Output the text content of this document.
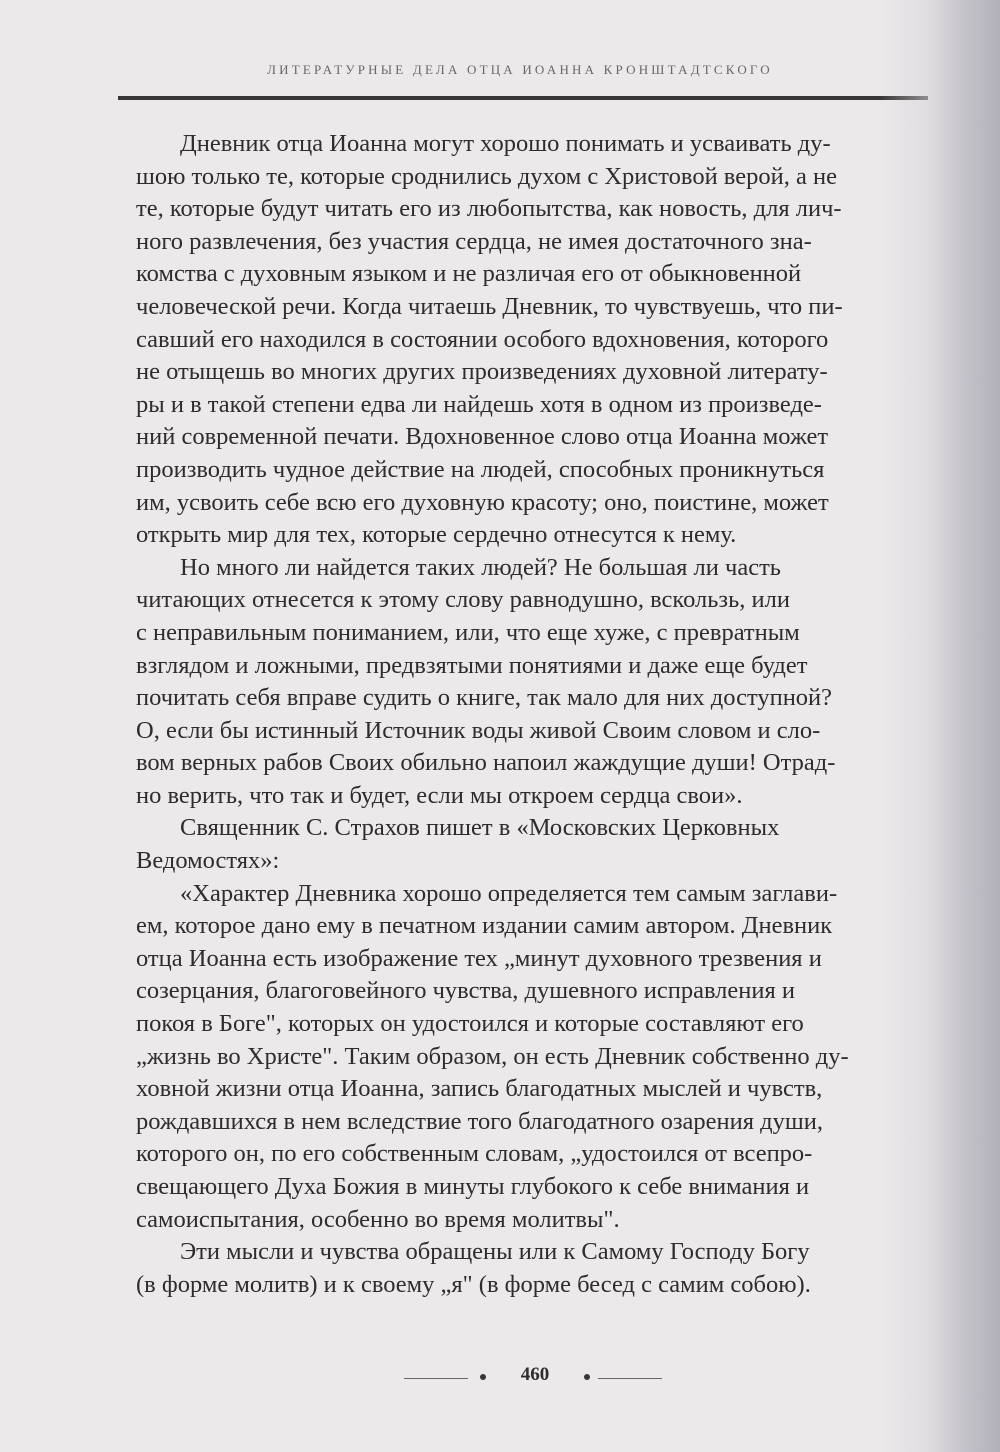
ЛИТЕРАТУРНЫЕ ДЕЛА ОТЦА ИОАННА КРОНШТАДТСКОГО
Дневник отца Иоанна могут хорошо понимать и усваивать ду-
шою только те, которые сроднились духом с Христовой верой, а не
те, которые будут читать его из любопытства, как новость, для лич-
ного развлечения, без участия сердца, не имея достаточного зна-
комства с духовным языком и не различая его от обыкновенной
человеческой речи. Когда читаешь Дневник, то чувствуешь, что пи-
савший его находился в состоянии особого вдохновения, которого
не отыщешь во многих других произведениях духовной литерату-
ры и в такой степени едва ли найдешь хотя в одном из произведе-
ний современной печати. Вдохновенное слово отца Иоанна может
производить чудное действие на людей, способных проникнуться
им, усвоить себе всю его духовную красоту; оно, поистине, может
открыть мир для тех, которые сердечно отнесутся к нему.
Но много ли найдется таких людей? Не большая ли часть
читающих отнесется к этому слову равнодушно, вскользь, или
с неправильным пониманием, или, что еще хуже, с превратным
взглядом и ложными, предвзятыми понятиями и даже еще будет
почитать себя вправе судить о книге, так мало для них доступной?
О, если бы истинный Источник воды живой Своим словом и сло-
вом верных рабов Своих обильно напоил жаждущие души! Отрад-
но верить, что так и будет, если мы откроем сердца свои».
Священник С. Страхов пишет в «Московских Церковных
Ведомостях»:
«Характер Дневника хорошо определяется тем самым заглави-
ем, которое дано ему в печатном издании самим автором. Дневник
отца Иоанна есть изображение тех „минут духовного трезвения и
созерцания, благоговейного чувства, душевного исправления и
покоя в Боге", которых он удостоился и которые составляют его
„жизнь во Христе". Таким образом, он есть Дневник собственно ду-
ховной жизни отца Иоанна, запись благодатных мыслей и чувств,
рождавшихся в нем вследствие того благодатного озарения души,
которого он, по его собственным словам, „удостоился от всепро-
свещающего Духа Божия в минуты глубокого к себе внимания и
самоиспытания, особенно во время молитвы".
Эти мысли и чувства обращены или к Самому Господу Богу
(в форме молитв) и к своему „я" (в форме бесед с самим собою).
460
